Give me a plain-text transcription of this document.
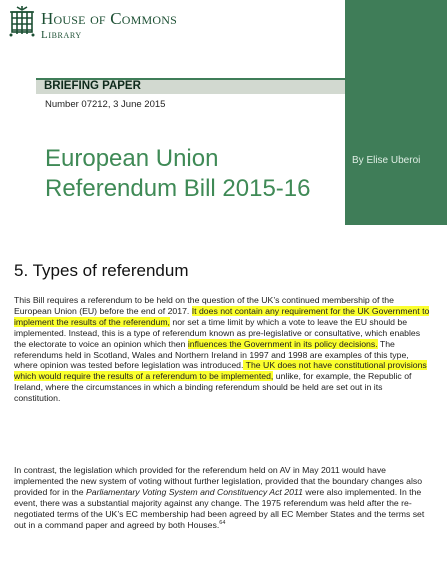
By Elise Uberoi
House of Commons
Library
BRIEFING PAPER
Number 07212, 3 June 2015
European Union
Referendum Bill 2015-16
5. Types of referendum

This Bill requires a referendum to be held on the question of the UK’s continued membership of the European Union (EU) before the end of 2017. It does not contain any requirement for the UK Government to implement the results of the referendum, nor set a time limit by which a vote to leave the EU should be implemented. Instead, this is a type of referendum known as pre-legislative or consultative, which enables the electorate to voice an opinion which then influences the Government in its policy decisions. The referendums held in Scotland, Wales and Northern Ireland in 1997 and 1998 are examples of this type, where opinion was tested before legislation was introduced. The UK does not have constitutional provisions which would require the results of a referendum to be implemented, unlike, for example, the Republic of Ireland, where the circumstances in which a binding referendum should be held are set out in its constitution.

In contrast, the legislation which provided for the referendum held on AV in May 2011 would have implemented the new system of voting without further legislation, provided that the boundary changes also provided for in the Parliamentary Voting System and Constituency Act 2011 were also implemented. In the event, there was a substantial majority against any change. The 1975 referendum was held after the re-negotiated terms of the UK’s EC membership had been agreed by all EC Member States and the terms set out in a command paper and agreed by both Houses.$^{64}$
